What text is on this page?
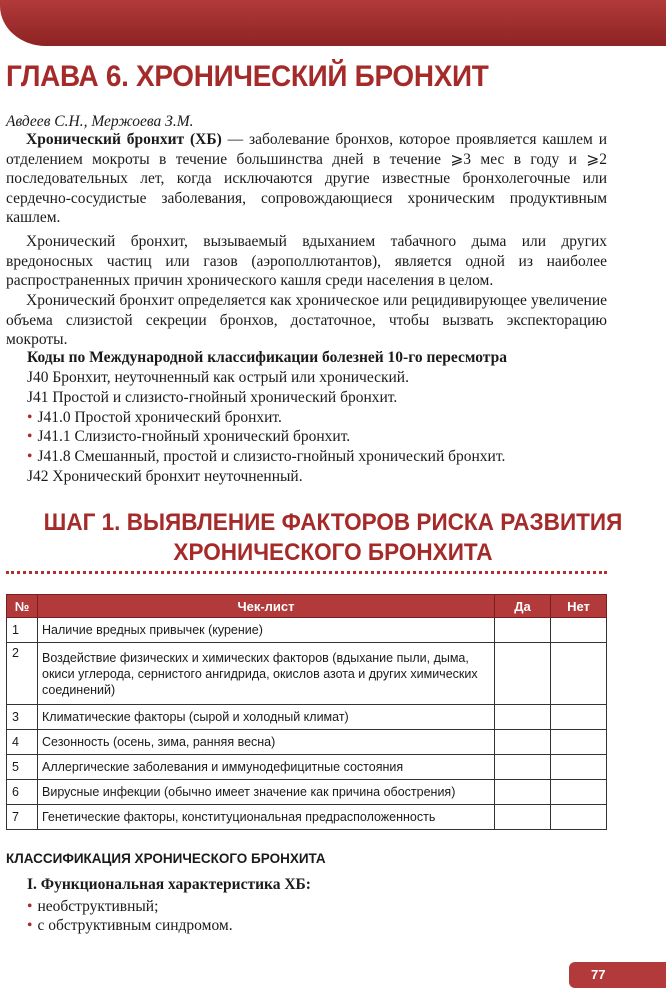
ГЛАВА 6. ХРОНИЧЕСКИЙ БРОНХИТ
Авдеев С.Н., Мержоева З.М.

Хронический бронхит (ХБ) — заболевание бронхов, которое проявляется кашлем и отделением мокроты в течение большинства дней в течение ⩾3 мес в году и ⩾2 последовательных лет, когда исключаются другие известные бронхолегочные или сердечно-сосудистые заболевания, сопровождающиеся хроническим продуктивным кашлем.

Хронический бронхит, вызываемый вдыханием табачного дыма или других вредоносных частиц или газов (аэрополлютантов), является одной из наиболее распространенных причин хронического кашля среди населения в целом.

Хронический бронхит определяется как хроническое или рецидивирующее увеличение объема слизистой секреции бронхов, достаточное, чтобы вызвать экспекторацию мокроты.

Коды по Международной классификации болезней 10-го пересмотра
J40 Бронхит, неуточненный как острый или хронический.
J41 Простой и слизисто-гнойный хронический бронхит.
• J41.0 Простой хронический бронхит.
• J41.1 Слизисто-гнойный хронический бронхит.
• J41.8 Смешанный, простой и слизисто-гнойный хронический бронхит.
J42 Хронический бронхит неуточненный.
ШАГ 1. ВЫЯВЛЕНИЕ ФАКТОРОВ РИСКА РАЗВИТИЯ
ХРОНИЧЕСКОГО БРОНХИТА
№	Чек-лист	Да	Нет
1	Наличие вредных привычек (курение)		
2	Воздействие физических и химических факторов (вдыхание пыли, дыма, окиси углерода, сернистого ангидрида, окислов азота и других химических соединений)		
3	Климатические факторы (сырой и холодный климат)		
4	Сезонность (осень, зима, ранняя весна)		
5	Аллергические заболевания и иммунодефицитные состояния		
6	Вирусные инфекции (обычно имеет значение как причина обострения)		
7	Генетические факторы, конституциональная предрасположенность		
КЛАССИФИКАЦИЯ ХРОНИЧЕСКОГО БРОНХИТА
I. Функциональная характеристика ХБ:
• необструктивный;
• с обструктивным синдромом.
77
